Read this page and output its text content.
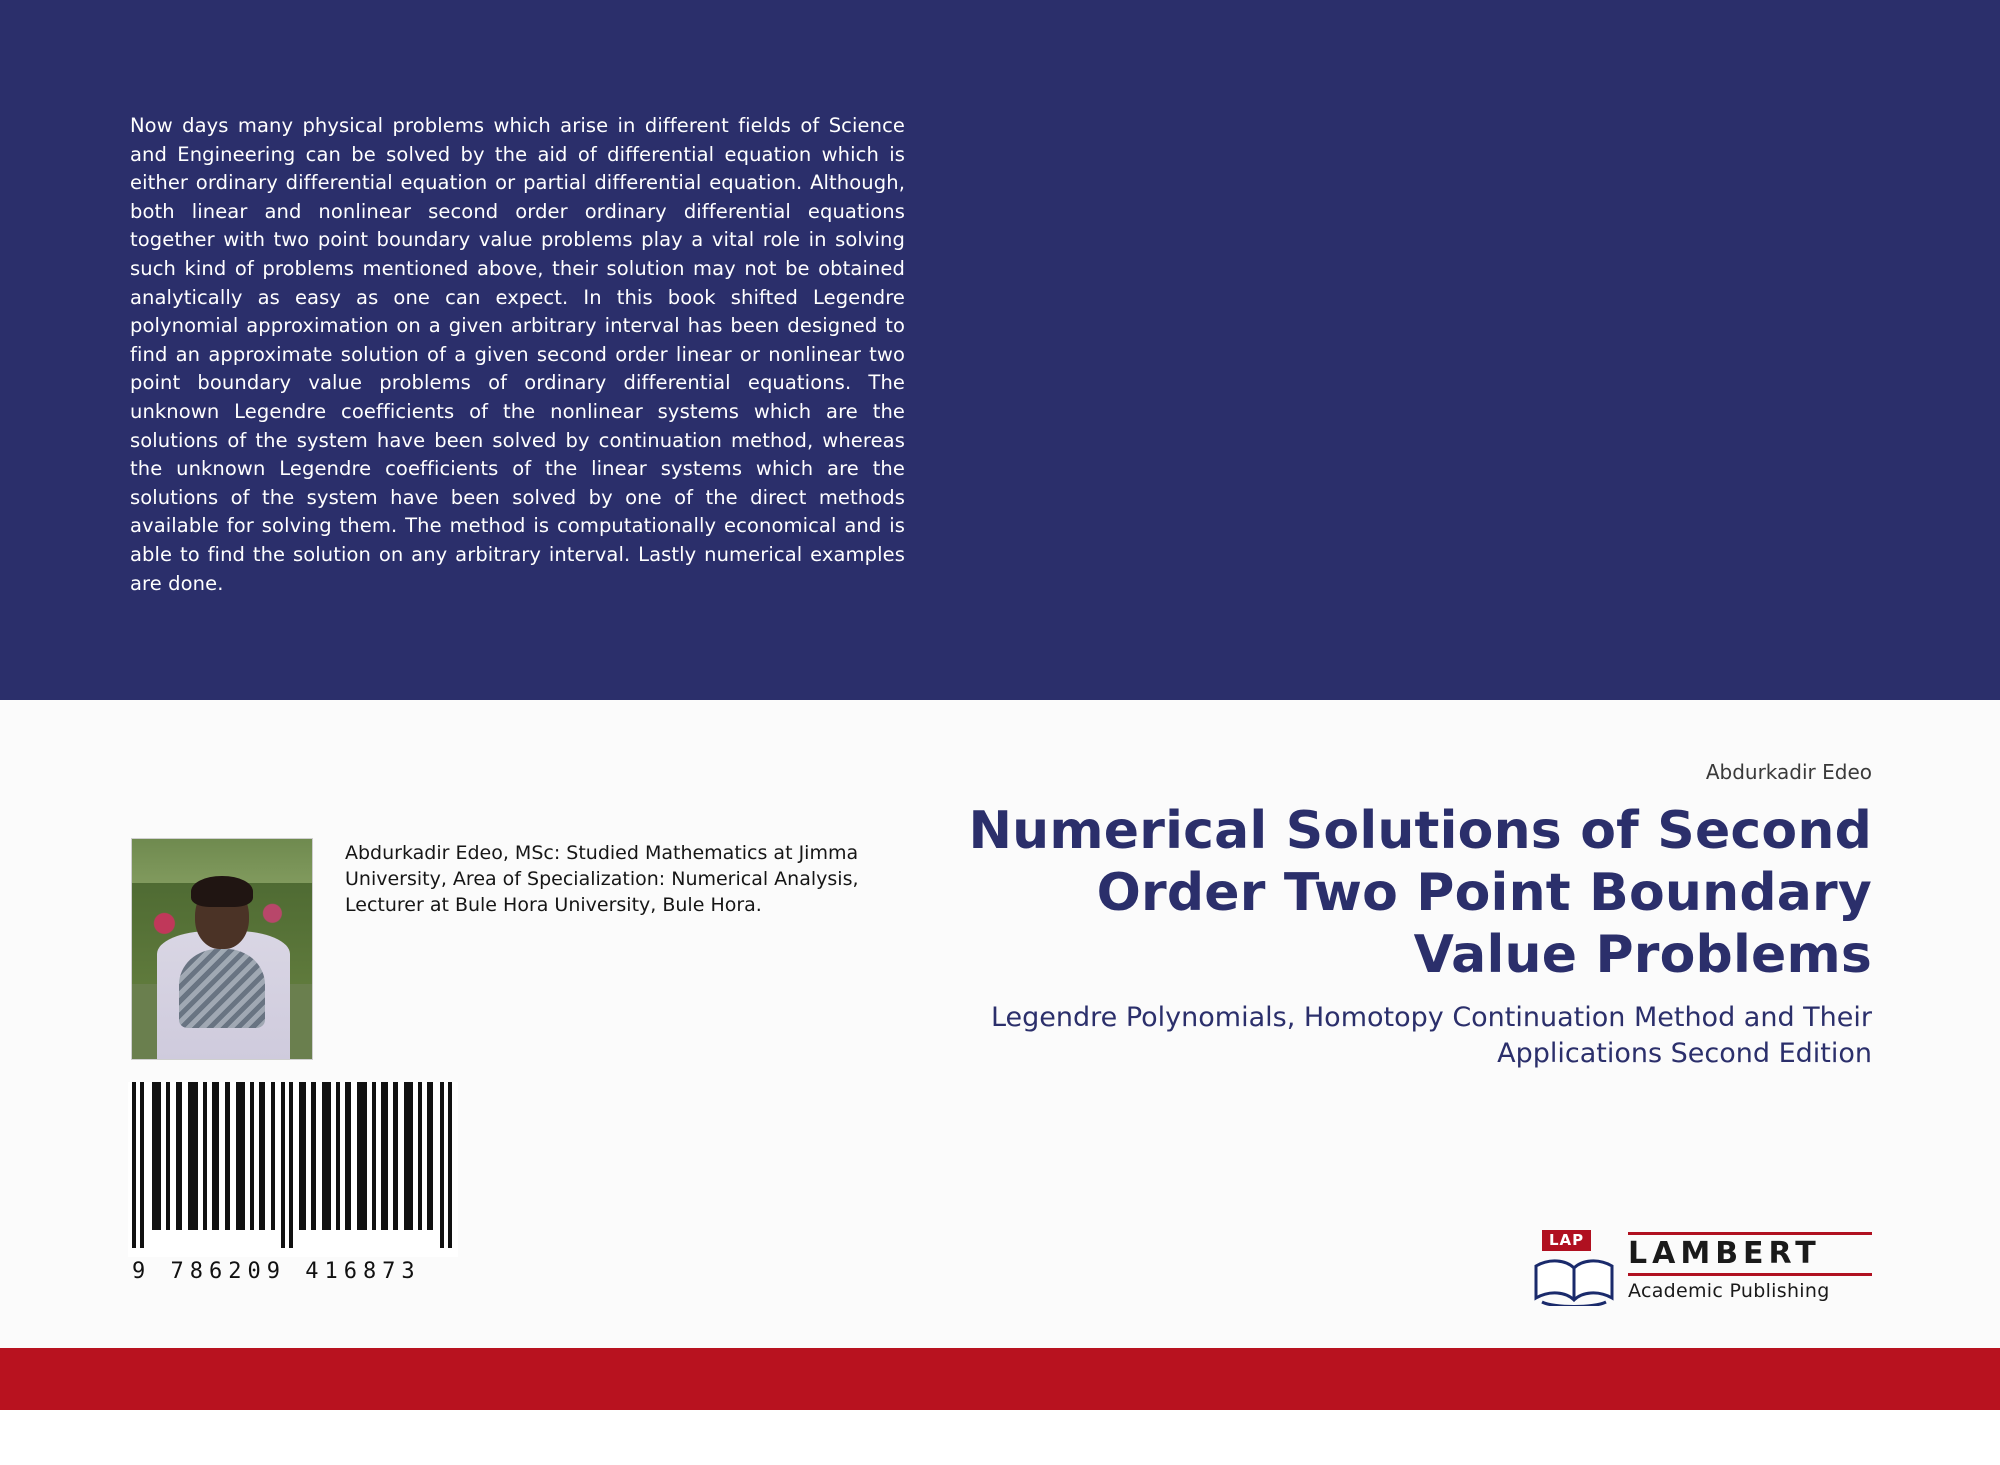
Now days many physical problems which arise in different fields of Science and Engineering can be solved by the aid of differential equation which is either ordinary differential equation or partial differential equation. Although, both linear and nonlinear second order ordinary differential equations together with two point boundary value problems play a vital role in solving such kind of problems mentioned above, their solution may not be obtained analytically as easy as one can expect. In this book shifted Legendre polynomial approximation on a given arbitrary interval has been designed to find an approximate solution of a given second order linear or nonlinear two point boundary value problems of ordinary differential equations. The unknown Legendre coefficients of the nonlinear systems which are the solutions of the system have been solved by continuation method, whereas the unknown Legendre coefficients of the linear systems which are the solutions of the system have been solved by one of the direct methods available for solving them. The method is computationally economical and is able to find the solution on any arbitrary interval. Lastly numerical examples are done.
Abdurkadir Edeo, MSc: Studied Mathematics at Jimma University, Area of Specialization: Numerical Analysis, Lecturer at Bule Hora University, Bule Hora.
9 786209 416873
Abdurkadir Edeo
Numerical Solutions of Second Order Two Point Boundary Value Problems
Legendre Polynomials, Homotopy Continuation Method and Their Applications Second Edition
LAP LAMBERT
Academic Publishing
